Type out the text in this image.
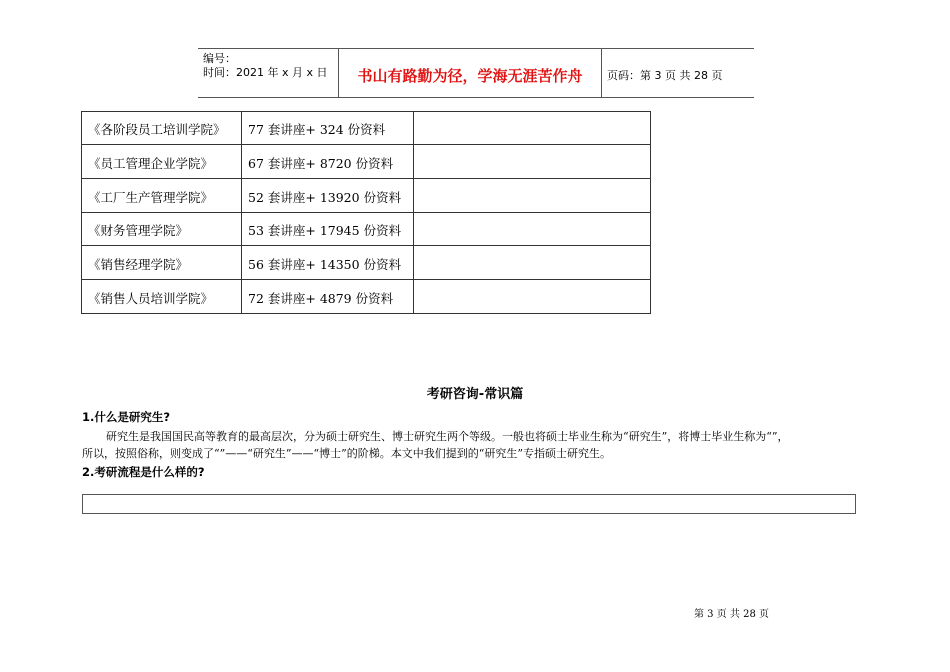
编号：
时间：2021 年 x 月 x 日	书山有路勤为径，学海无涯苦作舟	页码：第 3 页 共 28 页
《各阶段员工培训学院》	77 套讲座+ 324 份资料	
《员工管理企业学院》	67 套讲座+ 8720 份资料	
《工厂生产管理学院》	52 套讲座+ 13920 份资料	
《财务管理学院》	53 套讲座+ 17945 份资料	
《销售经理学院》	56 套讲座+ 14350 份资料	
《销售人员培训学院》	72 套讲座+ 4879 份资料	
考研咨询-常识篇
1.什么是研究生?

研究生是我国国民高等教育的最高层次，分为硕士研究生、博士研究生两个等级。一般也将硕士毕业生称为“研究生”，将博士毕业生称为“”，

所以，按照俗称，则变成了“”——“研究生”——“博士”的阶梯。本文中我们提到的“研究生”专指硕士研究生。

2.考研流程是什么样的?
第 3 页 共 28 页
